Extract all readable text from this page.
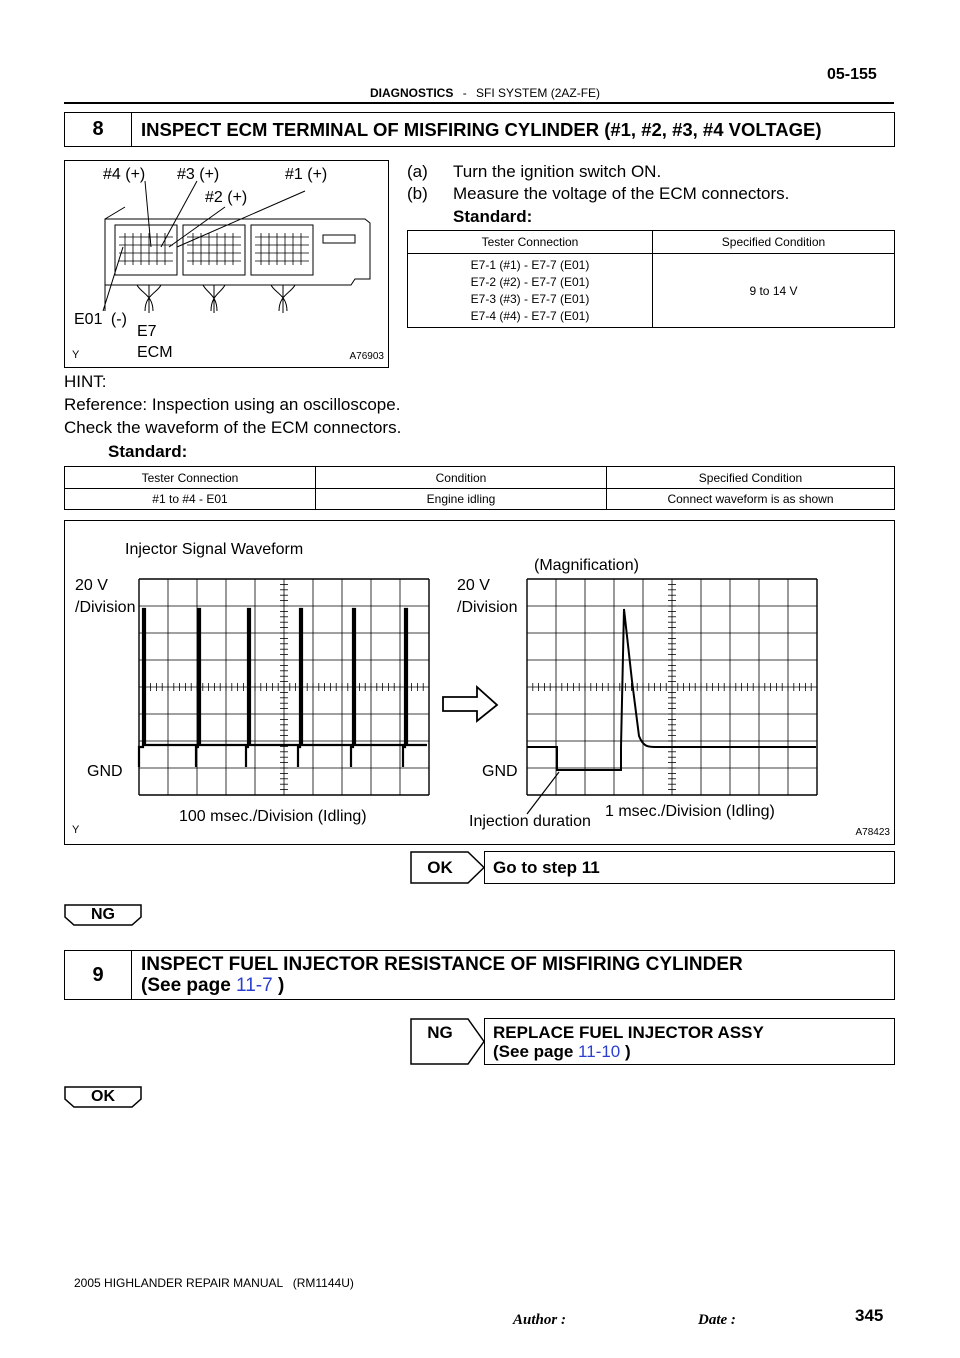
05-155
DIAGNOSTICS - SFI SYSTEM (2AZ-FE)
8	INSPECT ECM TERMINAL OF MISFIRING CYLINDER (#1, #2, #3, #4 VOLTAGE)
#4 (+) #3 (+)	#1 (+)
#2 (+)
E01 (-)
E7
ECM
Y	A76903
(a) Turn the ignition switch ON.
(b) Measure the voltage of the ECM connectors.
Standard:
Tester Connection	Specified Condition

E7-1 (#1) - E7-7 (E01)
E7-2 (#2) - E7-7 (E01)
E7-3 (#3) - E7-7 (E01)
E7-4 (#4) - E7-7 (E01)	9 to 14 V
HINT:
Reference: Inspection using an oscilloscope.
Check the waveform of the ECM connectors.
Standard:
Tester Connection	Condition	Specified Condition
#1 to #4 - E01	Engine idling	Connect waveform is as shown
Injector Signal Waveform
20 V
/Division
GND
100 msec./Division (Idling)
(Magnification)
20 V
/Division
GND
1 msec./Division (Idling)
Injection duration
Y	A78423
OK	Go to step 11
NG
9	INSPECT FUEL INJECTOR RESISTANCE OF MISFIRING CYLINDER
(See page 11-7 )
NG	REPLACE FUEL INJECTOR ASSY
(See page 11-10 )
OK
2005 HIGHLANDER REPAIR MANUAL   (RM1144U)
345
Author :	Date :
